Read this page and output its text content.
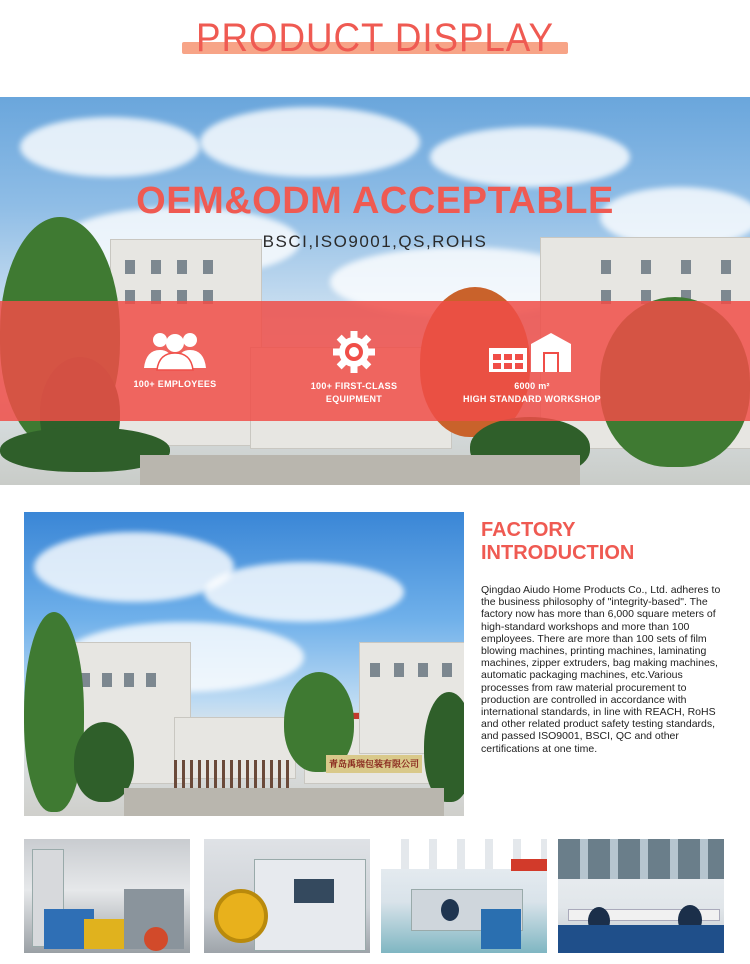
PRODUCT DISPLAY
OEM&ODM ACCEPTABLE
BSCI,ISO9001,QS,ROHS
100+ EMPLOYEES	100+ FIRST-CLASS
EQUIPMENT
6000 m²
HIGH STANDARD WORKSHOP
青岛禹瑞包装有限公司
FACTORY
INTRODUCTION
Qingdao Aiudo Home Products Co., Ltd. adheres to the business philosophy of "integrity-based". The factory now has more than 6,000 square meters of high-standard workshops and more than 100 employees. There are more than 100 sets of film blowing machines, printing machines, laminating machines, zipper extruders, bag making machines, automatic packaging machines, etc.Various processes from raw material procurement to production are controlled in accordance with international standards, in line with REACH, RoHS and other related product safety testing standards, and passed ISO9001, BSCI, QC and other certifications at one time.
